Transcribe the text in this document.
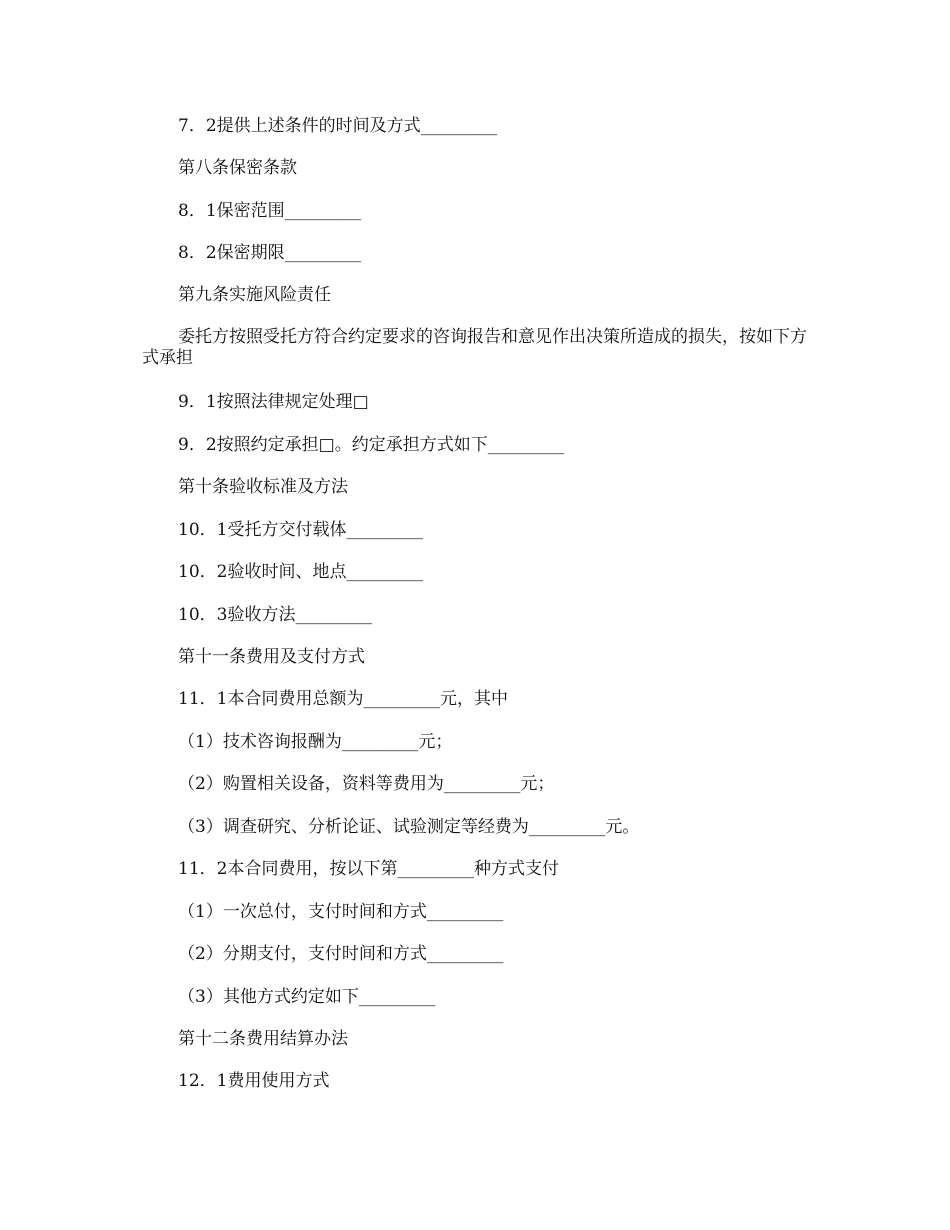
7．2提供上述条件的时间及方式_________
第八条保密条款
8．1保密范围_________
8．2保密期限_________
第九条实施风险责任
委托方按照受托方符合约定要求的咨询报告和意见作出决策所造成的损失，按如下方式承担
9．1按照法律规定处理□
9．2按照约定承担□。约定承担方式如下_________
第十条验收标准及方法
10．1受托方交付载体_________
10．2验收时间、地点_________
10．3验收方法_________
第十一条费用及支付方式
11．1本合同费用总额为_________元，其中
（1）技术咨询报酬为_________元；
（2）购置相关设备，资料等费用为_________元；
（3）调查研究、分析论证、试验测定等经费为_________元。
11．2本合同费用，按以下第_________种方式支付
（1）一次总付，支付时间和方式_________
（2）分期支付，支付时间和方式_________
（3）其他方式约定如下_________
第十二条费用结算办法
12．1费用使用方式
